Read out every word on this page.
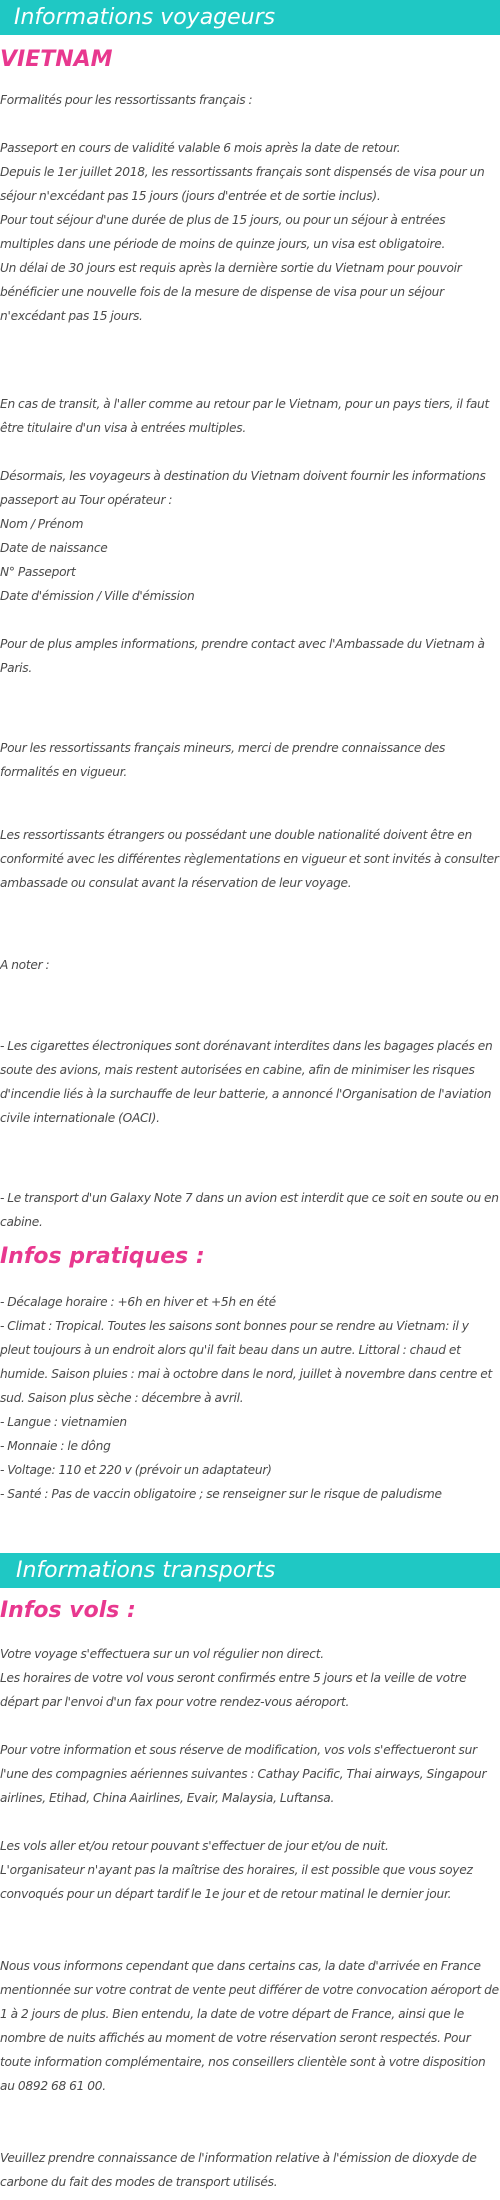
Informations voyageurs
VIETNAM
Formalités pour les ressortissants français :
Passeport en cours de validité valable 6 mois après la date de retour.
Depuis le 1er juillet 2018, les ressortissants français sont dispensés de visa pour un séjour n'excédant pas 15 jours (jours d'entrée et de sortie inclus).
Pour tout séjour d'une durée de plus de 15 jours, ou pour un séjour à entrées multiples dans une période de moins de quinze jours, un visa est obligatoire.
Un délai de 30 jours est requis après la dernière sortie du Vietnam pour pouvoir bénéficier une nouvelle fois de la mesure de dispense de visa pour un séjour n'excédant pas 15 jours.
En cas de transit, à l'aller comme au retour par le Vietnam, pour un pays tiers, il faut être titulaire d'un visa à entrées multiples.
Désormais, les voyageurs à destination du Vietnam doivent fournir les informations passeport au Tour opérateur :
Nom / Prénom
Date de naissance
N° Passeport
Date d'émission / Ville d'émission
Pour de plus amples informations, prendre contact avec l'Ambassade du Vietnam à Paris.
Pour les ressortissants français mineurs, merci de prendre connaissance des formalités en vigueur.
Les ressortissants étrangers ou possédant une double nationalité doivent être en conformité avec les différentes règlementations en vigueur et sont invités à consulter ambassade ou consulat avant la réservation de leur voyage.
A noter :
- Les cigarettes électroniques sont dorénavant interdites dans les bagages placés en soute des avions, mais restent autorisées en cabine, afin de minimiser les risques d'incendie liés à la surchauffe de leur batterie, a annoncé l'Organisation de l'aviation civile internationale (OACI).
- Le transport d'un Galaxy Note 7 dans un avion est interdit que ce soit en soute ou en cabine.
Infos pratiques :
- Décalage horaire : +6h en hiver et +5h en été
- Climat : Tropical. Toutes les saisons sont bonnes pour se rendre au Vietnam: il y pleut toujours à un endroit alors qu'il fait beau dans un autre. Littoral : chaud et humide. Saison pluies : mai à octobre dans le nord, juillet à novembre dans centre et sud. Saison plus sèche : décembre à avril.
- Langue : vietnamien
- Monnaie : le dông
- Voltage: 110 et 220 v (prévoir un adaptateur)
- Santé : Pas de vaccin obligatoire ; se renseigner sur le risque de paludisme
Informations transports
Infos vols :
Votre voyage s'effectuera sur un vol régulier non direct.
Les horaires de votre vol vous seront confirmés entre 5 jours et la veille de votre départ par l'envoi d'un fax pour votre rendez-vous aéroport.
Pour votre information et sous réserve de modification, vos vols s'effectueront sur l'une des compagnies aériennes suivantes : Cathay Pacific, Thai airways, Singapour airlines, Etihad, China Aairlines, Evair, Malaysia, Luftansa.
Les vols aller et/ou retour pouvant s'effectuer de jour et/ou de nuit.
L'organisateur n'ayant pas la maîtrise des horaires, il est possible que vous soyez convoqués pour un départ tardif le 1e jour et de retour matinal le dernier jour.
Nous vous informons cependant que dans certains cas, la date d'arrivée en France mentionnée sur votre contrat de vente peut différer de votre convocation aéroport de 1 à 2 jours de plus. Bien entendu, la date de votre départ de France, ainsi que le nombre de nuits affichés au moment de votre réservation seront respectés. Pour toute information complémentaire, nos conseillers clientèle sont à votre disposition au 0892 68 61 00.
Veuillez prendre connaissance de l'information relative à l'émission de dioxyde de carbone du fait des modes de transport utilisés.
